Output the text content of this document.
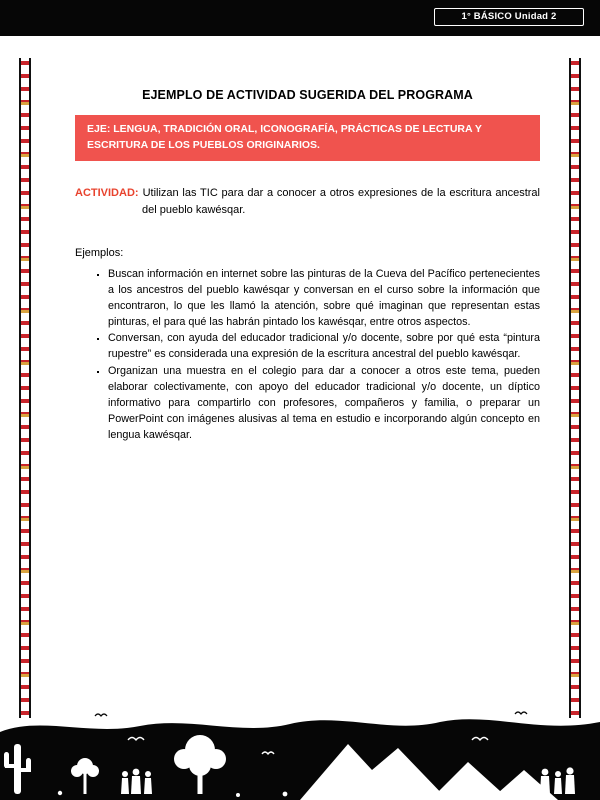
1° BÁSICO Unidad 2
EJEMPLO DE ACTIVIDAD SUGERIDA DEL PROGRAMA
EJE: LENGUA, TRADICIÓN ORAL, ICONOGRAFÍA, PRÁCTICAS DE LECTURA Y ESCRITURA DE LOS PUEBLOS ORIGINARIOS.

ACTIVIDAD: Utilizan las TIC para dar a conocer a otros expresiones de la escritura ancestral del pueblo kawésqar.

Ejemplos:

▪ Buscan información en internet sobre las pinturas de la Cueva del Pacífico pertenecientes a los ancestros del pueblo kawésqar y conversan en el curso sobre la información que encontraron, lo que les llamó la atención, sobre qué imaginan que representan estas pinturas, el para qué las habrán pintado los kawésqar, entre otros aspectos.
▪ Conversan, con ayuda del educador tradicional y/o docente, sobre por qué esta “pintura rupestre” es considerada una expresión de la escritura ancestral del pueblo kawésqar.
▪ Organizan una muestra en el colegio para dar a conocer a otros este tema, pueden elaborar colectivamente, con apoyo del educador tradicional y/o docente, un díptico informativo para compartirlo con profesores, compañeros y familia, o preparar un PowerPoint con imágenes alusivas al tema en estudio e incorporando algún concepto en lengua kawésqar.
